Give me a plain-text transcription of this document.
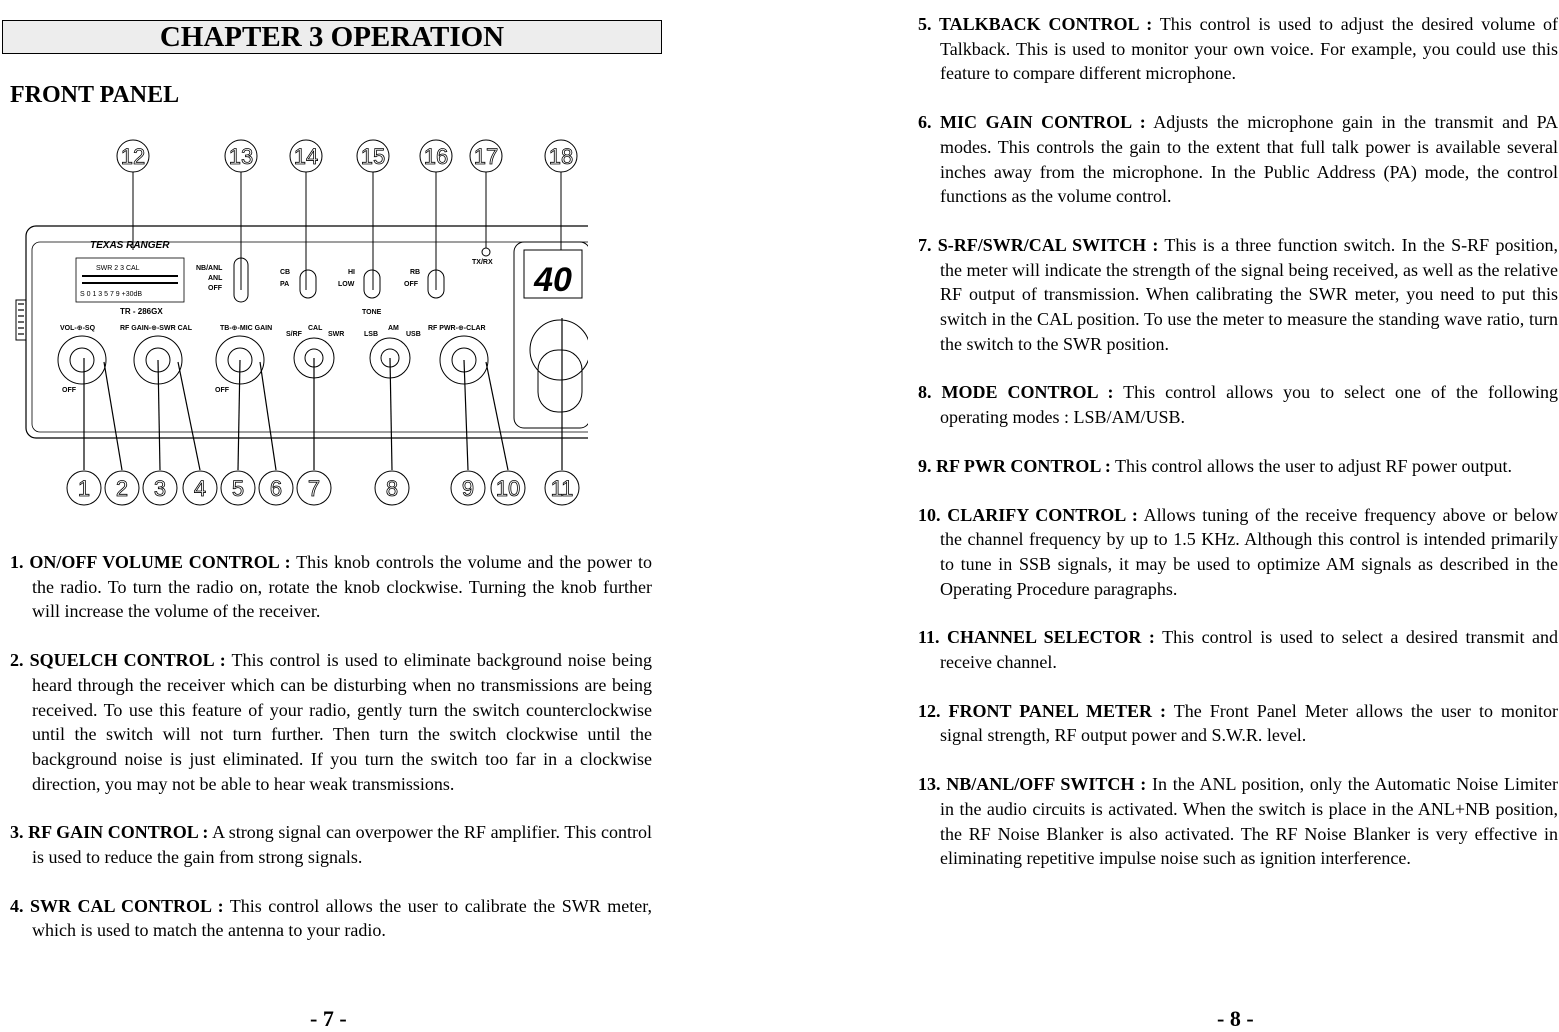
CHAPTER 3 OPERATION
FRONT PANEL
12	13 14 15 16 17 18
TEXAS RANGER
SWR 2 3 CAL
S 0 1 3 5 7 9 +30dB
TR - 286GX
NB/ANL
ANL
OFF
CB
PA
HI
LOW
TONE
RB
OFF
TX/RX
VOL-⊕-SQ	RF GAIN-⊕-SWR CAL	TB-⊕-MIC GAIN
S/RF
CAL
SWR	LSB
AM
USB
RF PWR-⊕-CLAR
OFF	OFF
40
1 2 3 4 5 6 7	8	9 10 11

1. ON/OFF VOLUME CONTROL : This knob controls the volume and the power to the radio. To turn the radio on, rotate the knob clockwise. Turning the knob further will increase the volume of the receiver.

2. SQUELCH CONTROL : This control is used to eliminate background noise being heard through the receiver which can be disturbing when no transmissions are being received. To use this feature of your radio, gently turn the switch counterclockwise until the switch will not turn further. Then turn the switch clockwise until the background noise is just eliminated. If you turn the switch too far in a clockwise direction, you may not be able to hear weak transmissions.

3. RF GAIN CONTROL : A strong signal can overpower the RF amplifier. This control is used to reduce the gain from strong signals.

4. SWR CAL CONTROL : This control allows the user to calibrate the SWR meter, which is used to match the antenna to your radio.

- 7 -

5. TALKBACK CONTROL : This control is used to adjust the desired volume of Talkback. This is used to monitor your own voice. For example, you could use this feature to compare different microphone.

6. MIC GAIN CONTROL : Adjusts the microphone gain in the transmit and PA modes. This controls the gain to the extent that full talk power is available several inches away from the microphone. In the Public Address (PA) mode, the control functions as the volume control.

7. S-RF/SWR/CAL SWITCH : This is a three function switch. In the S-RF position, the meter will indicate the strength of the signal being received, as well as the relative RF output of transmission. When calibrating the SWR meter, you need to put this switch in the CAL position. To use the meter to measure the standing wave ratio, turn the switch to the SWR position.

8. MODE CONTROL : This control allows you to select one of the following operating modes : LSB/AM/USB.

9. RF PWR CONTROL : This control allows the user to adjust RF power output.

10. CLARIFY CONTROL : Allows tuning of the receive frequency above or below the channel frequency by up to 1.5 KHz. Although this control is intended primarily to tune in SSB signals, it may be used to optimize AM signals as described in the Operating Procedure paragraphs.

11. CHANNEL SELECTOR : This control is used to select a desired transmit and receive channel.

12. FRONT PANEL METER : The Front Panel Meter allows the user to monitor signal strength, RF output power and S.W.R. level.

13. NB/ANL/OFF SWITCH : In the ANL position, only the Automatic Noise Limiter in the audio circuits is activated. When the switch is place in the ANL+NB position, the RF Noise Blanker is also activated. The RF Noise Blanker is very effective in eliminating repetitive impulse noise such as ignition interference.

- 8 -
